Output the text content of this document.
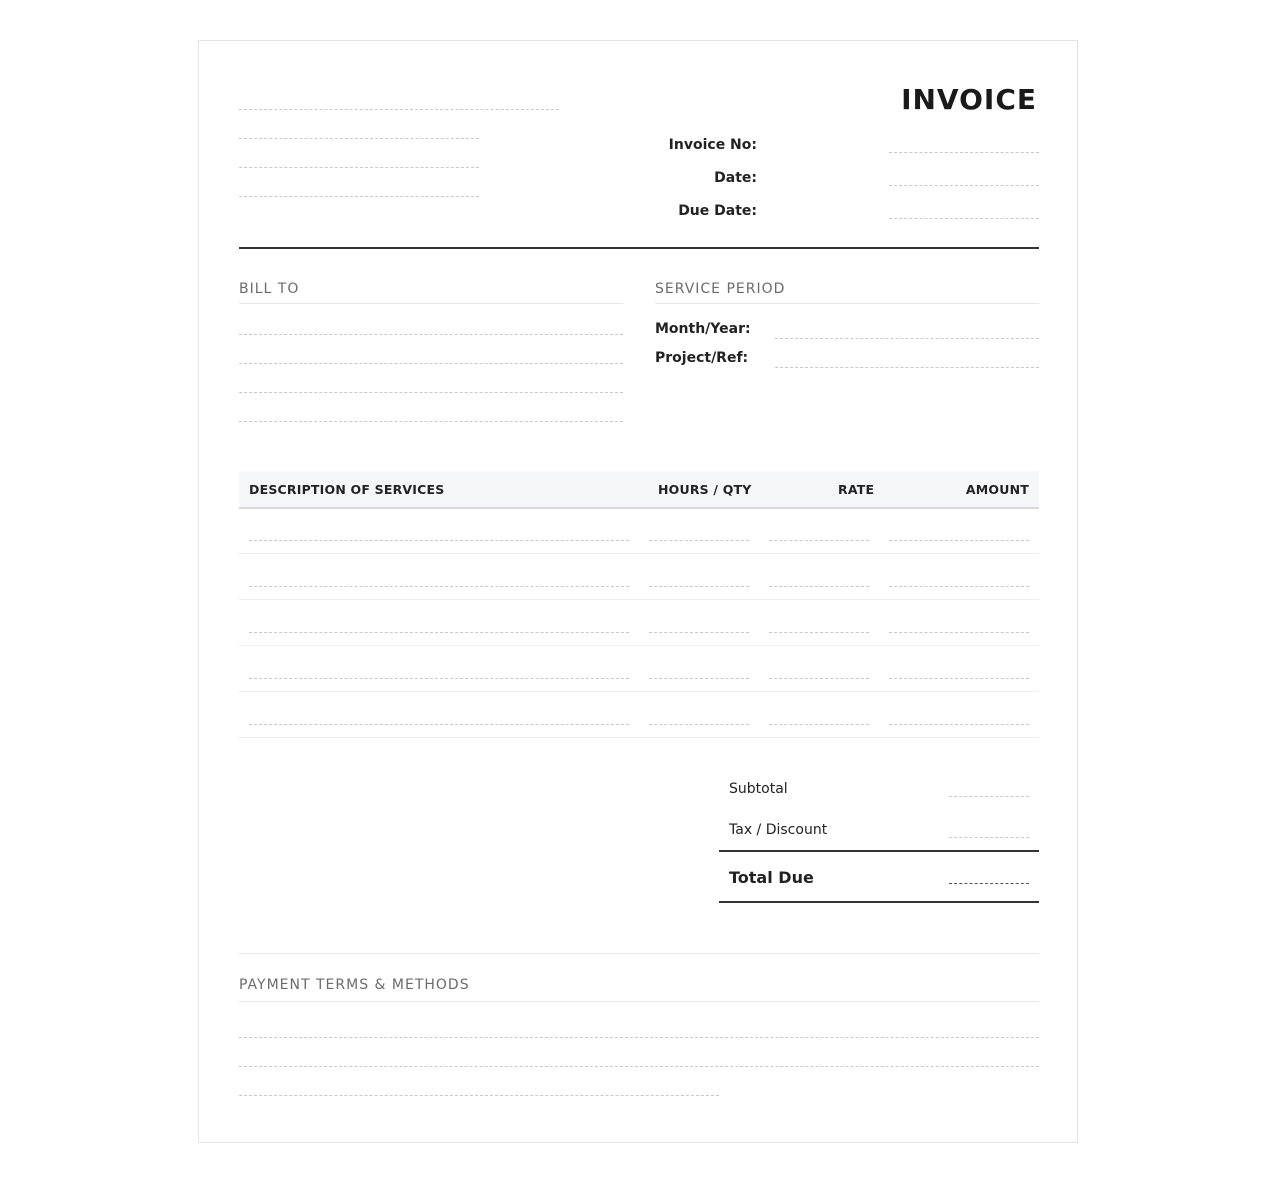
INVOICE
Invoice No:
Date:
Due Date:
BILL TO	SERVICE PERIOD
Month/Year:
Project/Ref:
DESCRIPTION OF SERVICES	HOURS / QTY	RATE	AMOUNT
Subtotal
Tax / Discount
Total Due
PAYMENT TERMS & METHODS
